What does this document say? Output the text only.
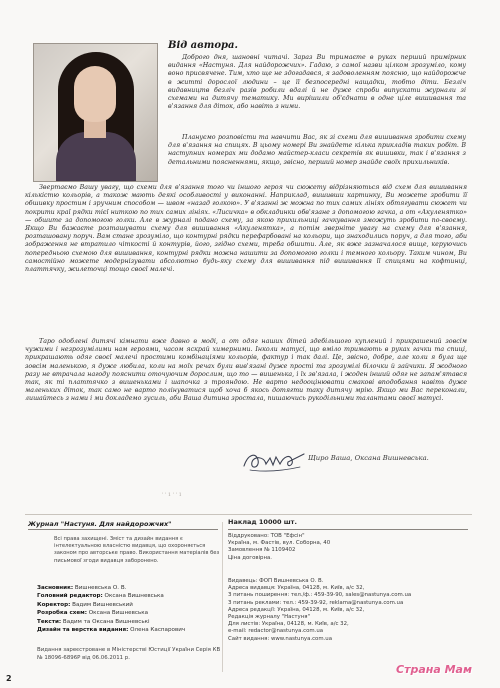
Від автора.

Доброго дня, шановні читачі. Зараз Ви тримаєте в руках перший примірник видання «Настуня. Для найдорожчих». Гадаю, з самої назви цілком зрозуміло, кому воно присвячене. Тим, хто ще не здогадався, я задоволенням поясню, що найдорожче в житті дорослої людини – це її безпосередні нащадки, тобто діти. Безліч видавництв безліч разів робили вдалі й не дуже спроби випускати журнали зі схемами на дитячу тематику. Ми вирішили об'єднати в одне ціле вишивання та в'язання для діток, або навіть з ними.

Плануємо розповісти та навчити Вас, як зі схеми для вишивання зробити схему для в'язання на спицях. В цьому номері Ви знайдете кілька прикладів таких робіт. В наступних номерах ми додамо майстер-класи секретів як вишивки, так і в'язання з детальними поясненнями, якщо, звісно, перший номер знайде своїх прихильників.

Звертаємо Вашу увагу, що схеми для в'язання того чи іншого героя чи сюжету відрізняються від схем для вишивання кількістю кольорів, а також мають деякі особливості у виконанні. Наприклад, вишивши картинку, Ви можете зробити її обшивку простим і зручним способом — швом «назад голкою». У в'язанні ж можна по тих самих лініях обтягувати сюжет чи покрити краї рядки тієї ниткою по тих самих лініях. «Лисичка» в обкладинки обв'язане з допомогою гачка, а от «Акуленятко» — обшите за допомогою голки. Але в журналі подано схему, за якою прихильниці гачкування зможуть зробити по-своєму. Якщо Ви бажаєте розташувати схему для вишивання «Акуленятка», а потім зверніте увагу на схему для в'язання, розташовану поруч. Вам стане зрозуміло, що контурні рядки перефарбовані на кольори, що знаходились поруч, а для того, аби зображення не втратило чіткості й контурів, його, згідно схеми, треба обшити. Але, як вже зазначалося вище, керуючись попередньою схемою для вишивання, контурні рядки можна нашити за допомогою голки і темного кольору. Таким чином, Ви самостійно можете модернізувати абсолютно будь-яку схему для вишивання під вишивання її спицями на кофтинці, платтячку, жилеточці тощо своєї малечі.

Таро одоблені дитячі кімнати вже давно в моді, а от одяг наших дітей здебільшого куплений і прикрашений зовсім чужими і незрозумілими нам героями, часом яскрай химерними. Інколи матусі, що вміло тримають в руках гачки та спиці, прикрашають одяг своєї малечі простими комбінаціями кольорів, фактур і так далі. Це, звісно, добре, але коли я була ще зовсім маленькою, я дуже любила, коли на моїх речах були вив'язані дуже прості та зрозумілі білочки й зайчики. Я жодного разу не втрачала нагоду пояснити оточуючим дорослим, що то — вишенька, і їх зв'язала, і жоден інший одяг не запам'ятався так, як ті платтячко з вишеньками і шапочка з трояндою. Не варто недооцінювати смакові вподобання навіть дуже маленьких діток, так само не варто полінуватися щоб хоча б якось дотягти таку дитячу мрію. Якщо ми Вас переконали, лишайтесь з нами і ми докладемо зусиль, аби Ваша дитина зростала, пишаючись рукодільними талантами своєї матусі.

Щиро Ваша, Оксана Вишневська.
' ' 1 ' ' 1
Журнал "Настуня. Для найдорожчих"
Всі права захищені. Зміст та дизайн видання є інтелектуальною власністю видавця, що охороняється законом про авторське право. Використання матеріалів без письмової згоди видавця заборонено.
Засновник: Вишневська О. В.
Головний редактор: Оксана Вишневська
Коректор: Вадим Вишневський
Розробка схем: Оксана Вишневська
Тексти: Вадим та Оксана Вишневські
Дизайн та верстка видання: Олена Каспарович
Видання зареєстроване в Міністерстві Юстиції України Серія КВ № 18096-6896Р від 06.06.2011 р.
Наклад 10000 шт.
Віддруковано: ТОВ "Ефсін"
Україна, м. Фастів, вул. Соборна, 40
Замовлення № 1109402
Ціна договірна.
Видавець: ФОП Вишневська О. В.
Адреса видавця: Україна, 04128, м. Київ, а/с 32,
З питань поширення: тел./ф.: 459-39-90, sales@nastunya.com.ua
З питань реклами: тел.: 459-39-92, reklama@nastunya.com.ua
Адреса редакції: Україна, 04128, м. Київ, а/с 32,
Редакція журналу "Настуня"
Для листів: Україна, 04128, м. Київ, а/с 32,
e-mail: redactor@nastunya.com.ua
Сайт видання: www.nastunya.com.ua
2
Страна Мам
